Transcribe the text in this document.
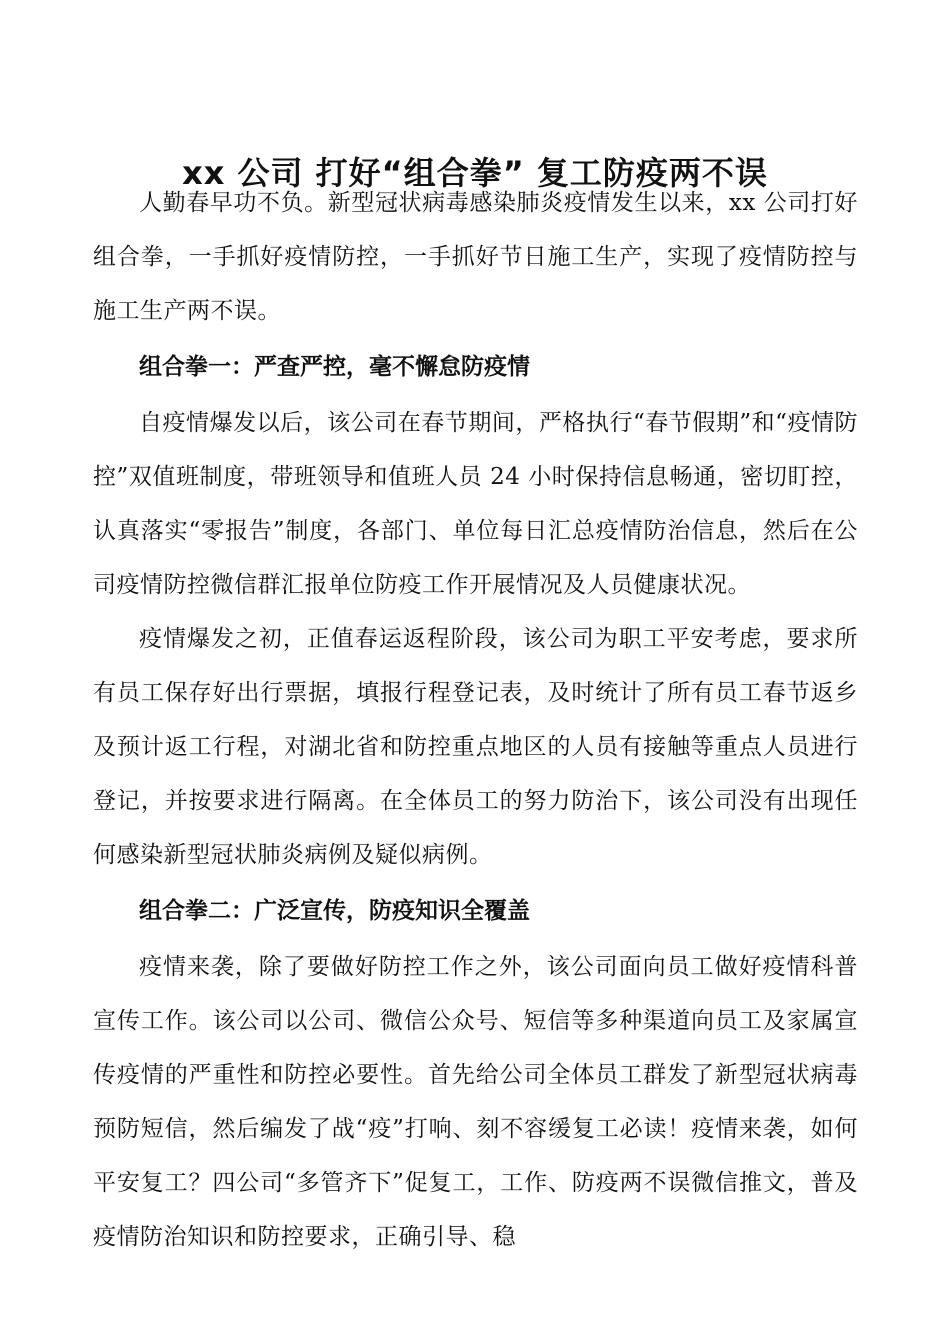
xx 公司 打好“组合拳” 复工防疫两不误

人勤春早功不负。新型冠状病毒感染肺炎疫情发生以来，xx 公司打好组合拳，一手抓好疫情防控，一手抓好节日施工生产，实现了疫情防控与施工生产两不误。

组合拳一：严查严控，毫不懈怠防疫情

自疫情爆发以后，该公司在春节期间，严格执行“春节假期”和“疫情防控”双值班制度，带班领导和值班人员 24 小时保持信息畅通，密切盯控，认真落实“零报告”制度，各部门、单位每日汇总疫情防治信息，然后在公司疫情防控微信群汇报单位防疫工作开展情况及人员健康状况。

疫情爆发之初，正值春运返程阶段，该公司为职工平安考虑，要求所有员工保存好出行票据，填报行程登记表，及时统计了所有员工春节返乡及预计返工行程，对湖北省和防控重点地区的人员有接触等重点人员进行登记，并按要求进行隔离。在全体员工的努力防治下，该公司没有出现任何感染新型冠状肺炎病例及疑似病例。

组合拳二：广泛宣传，防疫知识全覆盖

疫情来袭，除了要做好防控工作之外，该公司面向员工做好疫情科普宣传工作。该公司以公司、微信公众号、短信等多种渠道向员工及家属宣传疫情的严重性和防控必要性。首先给公司全体员工群发了新型冠状病毒预防短信，然后编发了战“疫”打响、刻不容缓复工必读！疫情来袭，如何平安复工？四公司“多管齐下”促复工，工作、防疫两不误微信推文，普及疫情防治知识和防控要求，正确引导、稳
